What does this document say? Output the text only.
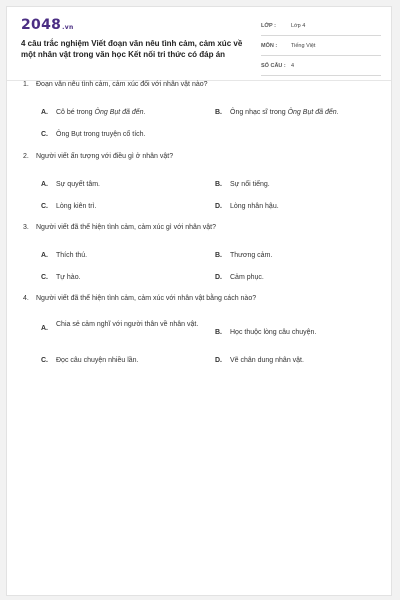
2048.vn
4 câu trắc nghiệm Viết đoạn văn nêu tình cảm, cảm xúc về một nhân vật trong văn học Kết nối tri thức có đáp án
LỚP :	Lớp 4
MÔN :	Tiếng Việt
SỐ CÂU : 4
1. Đoạn văn nêu tình cảm, cảm xúc đối với nhân vật nào?
A. Cô bé trong Ông Bụt đã đến.	B. Ông nhạc sĩ trong Ông Bụt đã đến.
C. Ông Bụt trong truyện cổ tích.
2. Người viết ấn tượng với điều gì ở nhân vật?
A. Sự quyết tâm.	B. Sự nổi tiếng.
C. Lòng kiên trì.	D. Lòng nhân hậu.
3. Người viết đã thể hiện tình cảm, cảm xúc gì với nhân vật?
A. Thích thú.	B. Thương cảm.
C. Tự hào.	D. Cảm phục.
4. Người viết đã thể hiện tình cảm, cảm xúc với nhân vật bằng cách nào?
A.
Chia sẻ cảm nghĩ với người thân về nhân vật.
B. Học thuộc lòng câu chuyện.
C. Đọc câu chuyện nhiều lần.	D. Vẽ chân dung nhân vật.
